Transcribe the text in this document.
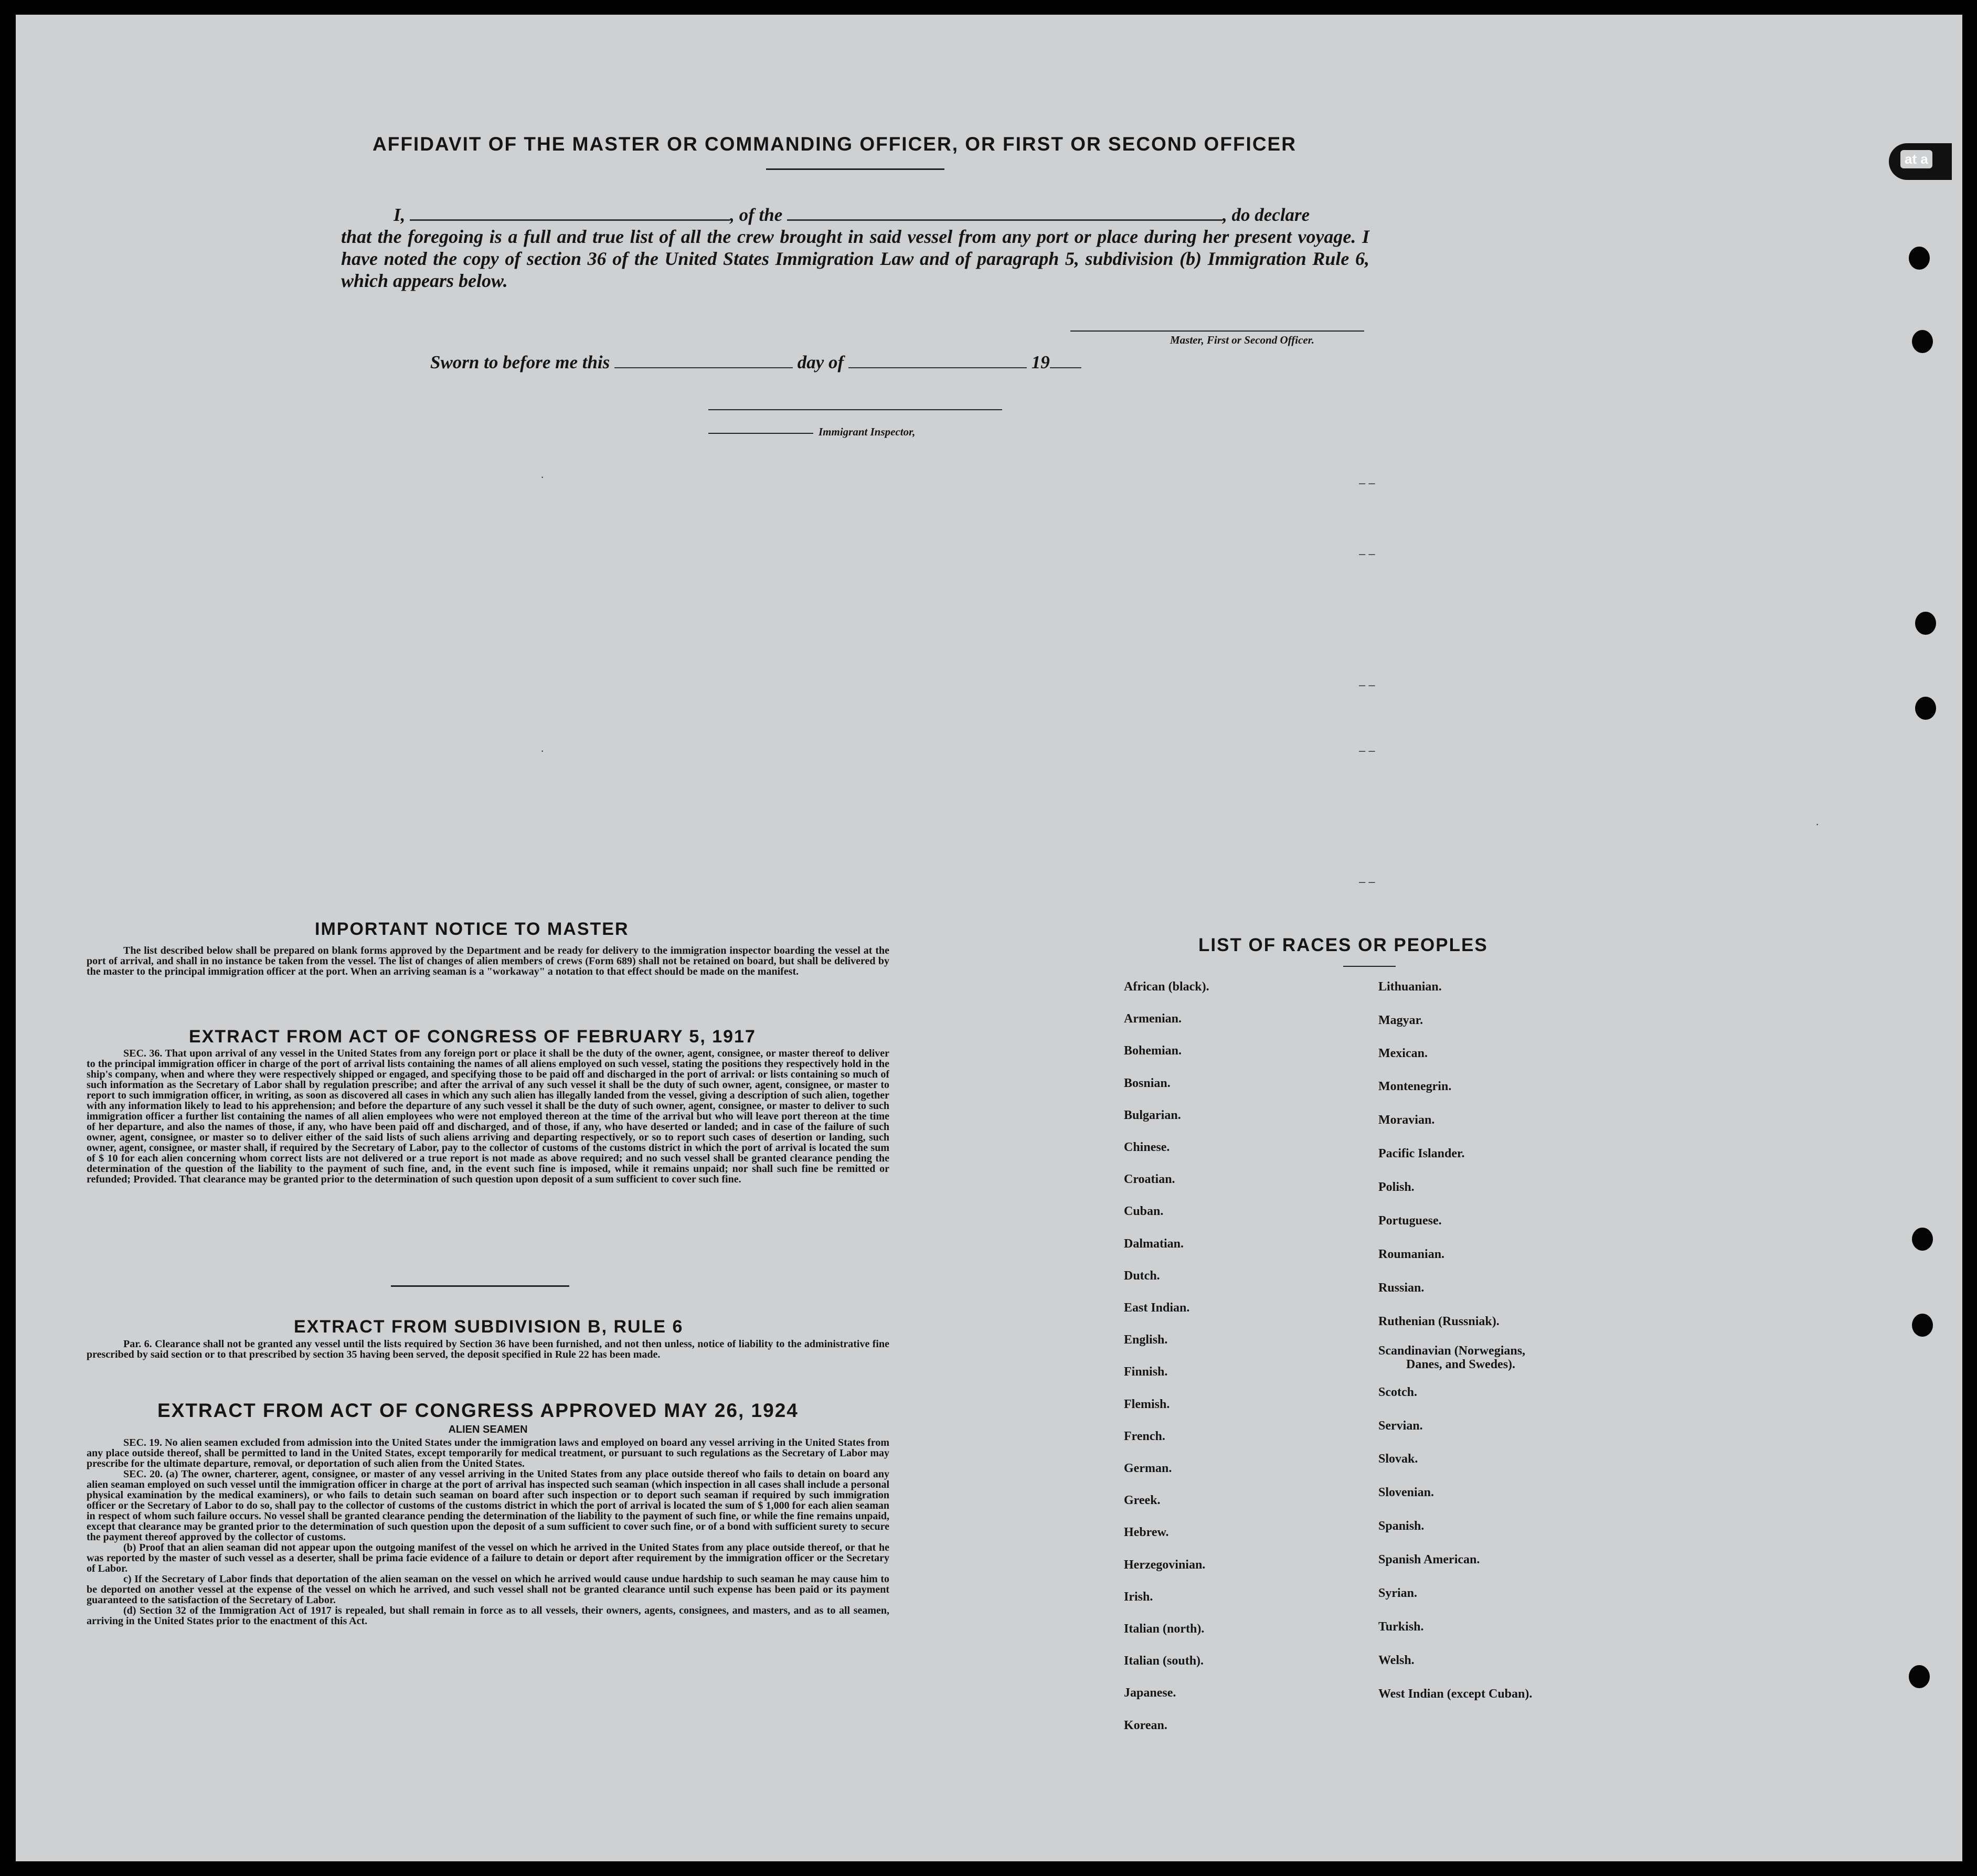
at a
AFFIDAVIT OF THE MASTER OR COMMANDING OFFICER, OR FIRST OR SECOND OFFICER
I,	, of the	, do declare
that the foregoing is a full and true list of all the crew brought in said vessel from any port or place during her present voyage. I have noted the copy of section 36 of the United States Immigration Law and of paragraph 5, subdivision (b) Immigration Rule 6, which appears below.
Master, First or Second Officer.
Sworn to before me this	day of	19
Immigrant Inspector,
·	– –
– –
– –
– –
·
– –
·
IMPORTANT NOTICE TO MASTER

The list described below shall be prepared on blank forms approved by the Department and be ready for delivery to the immigration inspector boarding the vessel at the port of arrival, and shall in no instance be taken from the vessel. The list of changes of alien members of crews (Form 689) shall not be retained on board, but shall be delivered by the master to the principal immigration officer at the port. When an arriving seaman is a "workaway" a notation to that effect should be made on the manifest.

EXTRACT FROM ACT OF CONGRESS OF FEBRUARY 5, 1917

SEC. 36. That upon arrival of any vessel in the United States from any foreign port or place it shall be the duty of the owner, agent, consignee, or master thereof to deliver to the principal immigration officer in charge of the port of arrival lists containing the names of all aliens employed on such vessel, stating the positions they respectively hold in the ship's company, when and where they were respectively shipped or engaged, and specifying those to be paid off and discharged in the port of arrival: or lists containing so much of such information as the Secretary of Labor shall by regulation prescribe; and after the arrival of any such vessel it shall be the duty of such owner, agent, consignee, or master to report to such immigration officer, in writing, as soon as discovered all cases in which any such alien has illegally landed from the vessel, giving a description of such alien, together with any information likely to lead to his apprehension; and before the departure of any such vessel it shall be the duty of such owner, agent, consignee, or master to deliver to such immigration officer a further list containing the names of all alien employees who were not employed thereon at the time of the arrival but who will leave port thereon at the time of her departure, and also the names of those, if any, who have been paid off and discharged, and of those, if any, who have deserted or landed; and in case of the failure of such owner, agent, consignee, or master so to deliver either of the said lists of such aliens arriving and departing respectively, or so to report such cases of desertion or landing, such owner, agent, consignee, or master shall, if required by the Secretary of Labor, pay to the collector of customs of the customs district in which the port of arrival is located the sum of $ 10 for each alien concerning whom correct lists are not delivered or a true report is not made as above required; and no such vessel shall be granted clearance pending the determination of the question of the liability to the payment of such fine, and, in the event such fine is imposed, while it remains unpaid; nor shall such fine be remitted or refunded; Provided. That clearance may be granted prior to the determination of such question upon deposit of a sum sufficient to cover such fine.

EXTRACT FROM SUBDIVISION B, RULE 6

Par. 6. Clearance shall not be granted any vessel until the lists required by Section 36 have been furnished, and not then unless, notice of liability to the administrative fine prescribed by said section or to that prescribed by section 35 having been served, the deposit specified in Rule 22 has been made.

EXTRACT FROM ACT OF CONGRESS APPROVED MAY 26, 1924
ALIEN SEAMEN

SEC. 19. No alien seamen excluded from admission into the United States under the immigration laws and employed on board any vessel arriving in the United States from any place outside thereof, shall be permitted to land in the United States, except temporarily for medical treatment, or pursuant to such regulations as the Secretary of Labor may prescribe for the ultimate departure, removal, or deportation of such alien from the United States.

SEC. 20. (a) The owner, charterer, agent, consignee, or master of any vessel arriving in the United States from any place outside thereof who fails to detain on board any alien seaman employed on such vessel until the immigration officer in charge at the port of arrival has inspected such seaman (which inspection in all cases shall include a personal physical examination by the medical examiners), or who fails to detain such seaman on board after such inspection or to deport such seaman if required by such immigration officer or the Secretary of Labor to do so, shall pay to the collector of customs of the customs district in which the port of arrival is located the sum of $ 1,000 for each alien seaman in respect of whom such failure occurs. No vessel shall be granted clearance pending the determination of the liability to the payment of such fine, or while the fine remains unpaid, except that clearance may be granted prior to the determination of such question upon the deposit of a sum sufficient to cover such fine, or of a bond with sufficient surety to secure the payment thereof approved by the collector of customs.

(b) Proof that an alien seaman did not appear upon the outgoing manifest of the vessel on which he arrived in the United States from any place outside thereof, or that he was reported by the master of such vessel as a deserter, shall be prima facie evidence of a failure to detain or deport after requirement by the immigration officer or the Secretary of Labor.

c) If the Secretary of Labor finds that deportation of the alien seaman on the vessel on which he arrived would cause undue hardship to such seaman he may cause him to be deported on another vessel at the expense of the vessel on which he arrived, and such vessel shall not be granted clearance until such expense has been paid or its payment guaranteed to the satisfaction of the Secretary of Labor.

(d) Section 32 of the Immigration Act of 1917 is repealed, but shall remain in force as to all vessels, their owners, agents, consignees, and masters, and as to all seamen, arriving in the United States prior to the enactment of this Act.

LIST OF RACES OR PEOPLES
African (black).
Armenian.
Bohemian.
Bosnian.
Bulgarian.
Chinese.
Croatian.
Cuban.
Dalmatian.
Dutch.
East Indian.
English.
Finnish.
Flemish.
French.
German.
Greek.
Hebrew.
Herzegovinian.
Irish.
Italian (north).
Italian (south).
Japanese.
Korean.
Lithuanian.
Magyar.
Mexican.
Montenegrin.
Moravian.
Pacific Islander.
Polish.
Portuguese.
Roumanian.
Russian.
Ruthenian (Russniak).
Scandinavian (Norwegians,
Danes, and Swedes).
Scotch.
Servian.
Slovak.
Slovenian.
Spanish.
Spanish American.
Syrian.
Turkish.
Welsh.
West Indian (except Cuban).
